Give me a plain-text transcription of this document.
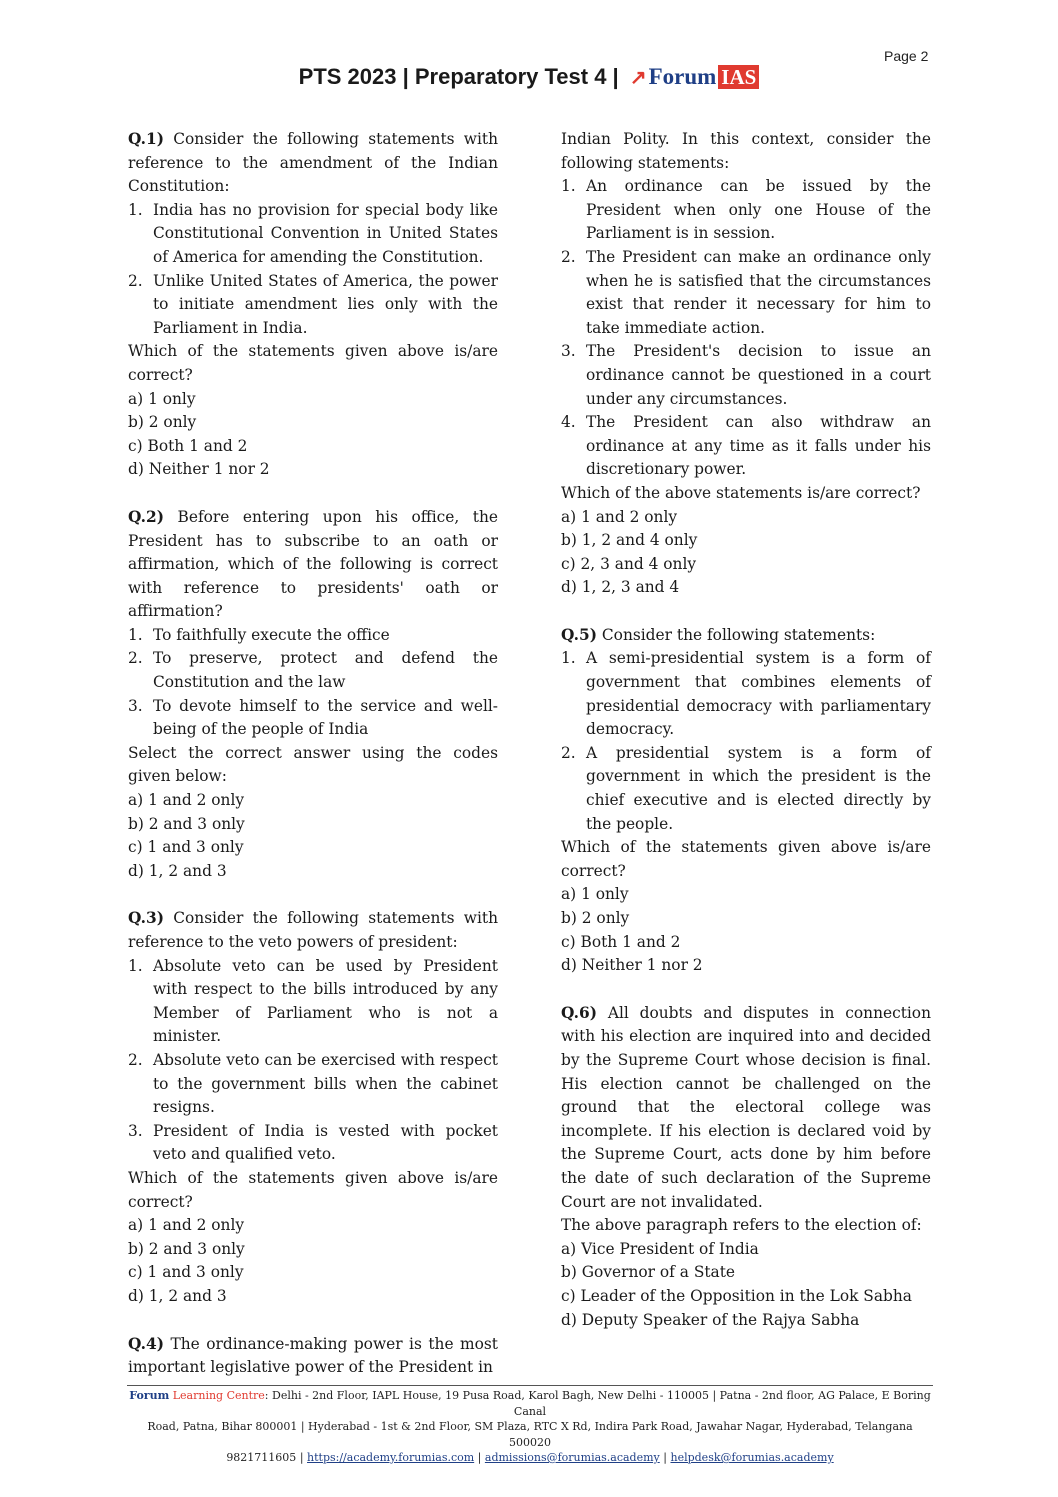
Page 2
PTS 2023 | Preparatory Test 4 | ↗Forum IAS

Q.1) Consider the following statements with reference to the amendment of the Indian Constitution:

1. India has no provision for special body like Constitutional Convention in United States of America for amending the Constitution.
2. Unlike United States of America, the power to initiate amendment lies only with the Parliament in India.

Which of the statements given above is/are correct?

a) 1 only

b) 2 only

c) Both 1 and 2

d) Neither 1 nor 2

Q.2) Before entering upon his office, the President has to subscribe to an oath or affirmation, which of the following is correct with reference to presidents' oath or affirmation?

1. To faithfully execute the office
2. To preserve, protect and defend the Constitution and the law
3. To devote himself to the service and well-being of the people of India

Select the correct answer using the codes given below:

a) 1 and 2 only

b) 2 and 3 only

c) 1 and 3 only

d) 1, 2 and 3

Q.3) Consider the following statements with reference to the veto powers of president:

1. Absolute veto can be used by President with respect to the bills introduced by any Member of Parliament who is not a minister.
2. Absolute veto can be exercised with respect to the government bills when the cabinet resigns.
3. President of India is vested with pocket veto and qualified veto.

Which of the statements given above is/are correct?

a) 1 and 2 only

b) 2 and 3 only

c) 1 and 3 only

d) 1, 2 and 3

Q.4) The ordinance-making power is the most important legislative power of the President in

Indian Polity. In this context, consider the following statements:

1. An ordinance can be issued by the President when only one House of the Parliament is in session.
2. The President can make an ordinance only when he is satisfied that the circumstances exist that render it necessary for him to take immediate action.
3. The President's decision to issue an ordinance cannot be questioned in a court under any circumstances.
4. The President can also withdraw an ordinance at any time as it falls under his discretionary power.

Which of the above statements is/are correct?

a) 1 and 2 only

b) 1, 2 and 4 only

c) 2, 3 and 4 only

d) 1, 2, 3 and 4

Q.5) Consider the following statements:

1. A semi-presidential system is a form of government that combines elements of presidential democracy with parliamentary democracy.
2. A presidential system is a form of government in which the president is the chief executive and is elected directly by the people.

Which of the statements given above is/are correct?

a) 1 only

b) 2 only

c) Both 1 and 2

d) Neither 1 nor 2

Q.6) All doubts and disputes in connection with his election are inquired into and decided by the Supreme Court whose decision is final. His election cannot be challenged on the ground that the electoral college was incomplete. If his election is declared void by the Supreme Court, acts done by him before the date of such declaration of the Supreme Court are not invalidated.

The above paragraph refers to the election of:

a) Vice President of India

b) Governor of a State

c) Leader of the Opposition in the Lok Sabha

d) Deputy Speaker of the Rajya Sabha

Forum Learning Centre: Delhi - 2nd Floor, IAPL House, 19 Pusa Road, Karol Bagh, New Delhi - 110005 | Patna - 2nd floor, AG Palace, E Boring Canal
Road, Patna, Bihar 800001 | Hyderabad - 1st & 2nd Floor, SM Plaza, RTC X Rd, Indira Park Road, Jawahar Nagar, Hyderabad, Telangana 500020
9821711605 | https://academy.forumias.com | admissions@forumias.academy | helpdesk@forumias.academy
